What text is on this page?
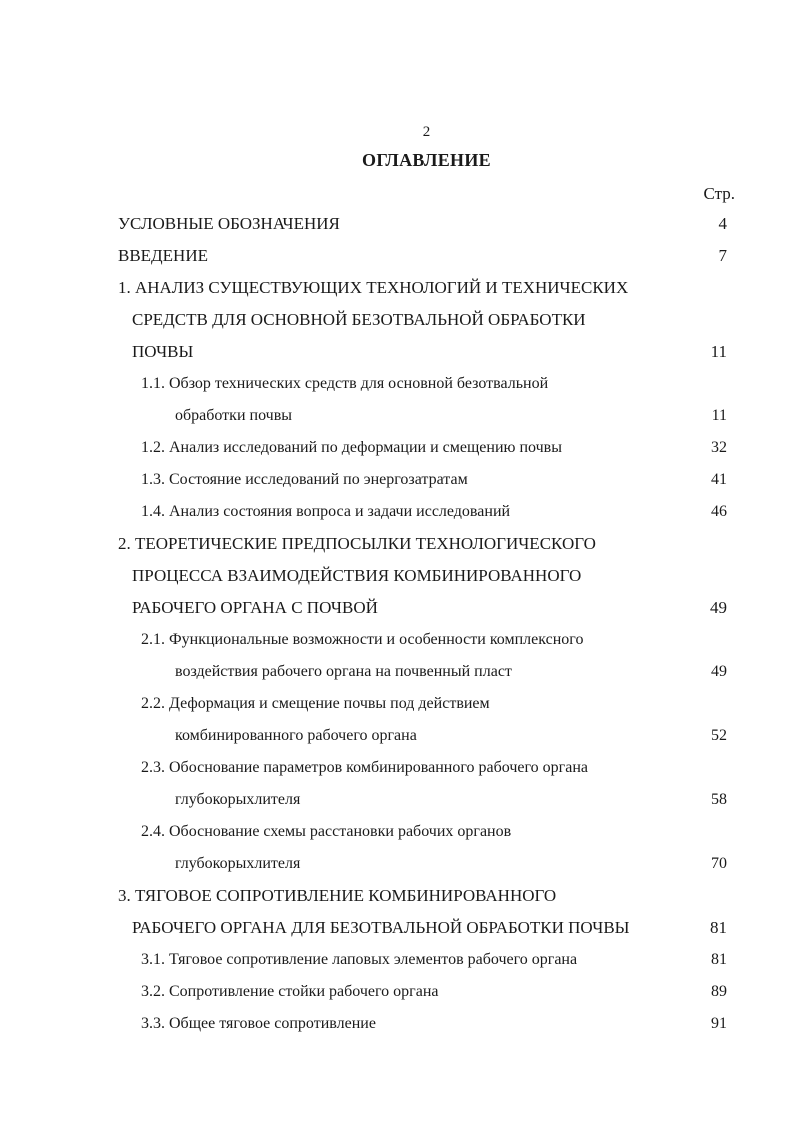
2
ОГЛАВЛЕНИЕ
Стр.
УСЛОВНЫЕ ОБОЗНАЧЕНИЯ	4
ВВЕДЕНИЕ	7
1. АНАЛИЗ СУЩЕСТВУЮЩИХ ТЕХНОЛОГИЙ И ТЕХНИЧЕСКИХ
СРЕДСТВ ДЛЯ ОСНОВНОЙ БЕЗОТВАЛЬНОЙ ОБРАБОТКИ
ПОЧВЫ	11
1.1. Обзор технических средств для основной безотвальной
обработки почвы	11
1.2. Анализ исследований по деформации и смещению почвы	32
1.3. Состояние исследований по энергозатратам	41
1.4. Анализ состояния вопроса и задачи исследований	46
2. ТЕОРЕТИЧЕСКИЕ ПРЕДПОСЫЛКИ ТЕХНОЛОГИЧЕСКОГО
ПРОЦЕССА ВЗАИМОДЕЙСТВИЯ КОМБИНИРОВАННОГО
РАБОЧЕГО ОРГАНА С ПОЧВОЙ	49
2.1. Функциональные возможности и особенности комплексного
воздействия рабочего органа на почвенный пласт	49
2.2. Деформация и смещение почвы под действием
комбинированного рабочего органа	52
2.3. Обоснование параметров комбинированного рабочего органа
глубокорыхлителя	58
2.4. Обоснование схемы расстановки рабочих органов
глубокорыхлителя	70
3. ТЯГОВОЕ СОПРОТИВЛЕНИЕ КОМБИНИРОВАННОГО
РАБОЧЕГО ОРГАНА ДЛЯ БЕЗОТВАЛЬНОЙ ОБРАБОТКИ ПОЧВЫ	81
3.1. Тяговое сопротивление лаповых элементов рабочего органа	81
3.2. Сопротивление стойки рабочего органа	89
3.3. Общее тяговое сопротивление	91
